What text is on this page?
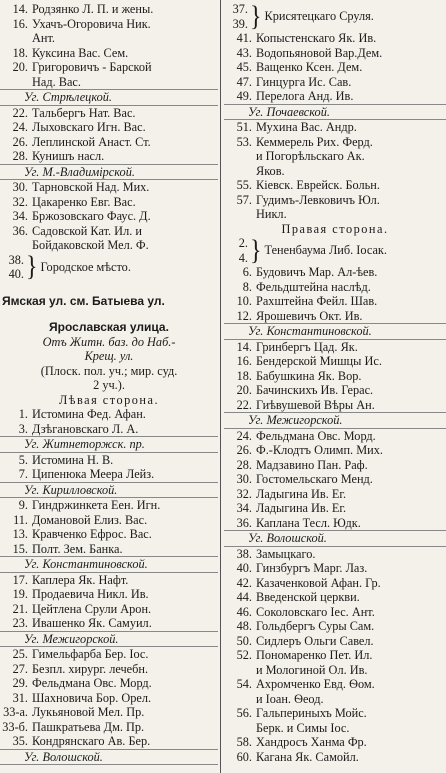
14. Родзянко Л. П. и жены.
16. Ухачъ-Огоровича Ник.
Ант.
18. Куксина Вас. Сем.
20. Григоровичъ - Барской
Над. Вас.
Уг. Стрѣлецкой.
22. Тальбергъ Нат. Вас.
24. Лыховскаго Игн. Вас.
26. Леплинской Анаст. Ст.
28. Кунишъ насл.
Уг. М.-Владимірской.
30. Тарновской Над. Мих.
32. Цакаренко Евг. Вас.
34. Бржозовскаго Фаус. Д.
36. Садовской Кат. Ил. и
Бойдаковской Мел. Ф.
38.
40. } Городское мѣсто.
Ямская ул. см. Батыева ул.
Ярославская улица.
Отъ Житн. баз. до Наб.-
Крещ. ул.
(Плоск. пол. уч.; мир. суд.
2 уч.).
Лѣвая сторона.
1. Истомина Фед. Афан.
3. Дзѣгановскаго Л. А.
Уг. Житнеторжск. пр.
5. Истомина Н. В.
7. Ципенюка Меера Лейз.
Уг. Кирилловской.
9. Гиндржинкета Еен. Игн.
11. Домановой Елиз. Вас.
13. Кравченко Ефрос. Вас.
15. Полт. Зем. Банка.
Уг. Константиновской.
17. Каплера Як. Нафт.
19. Продаевича Никл. Ив.
21. Цейтлена Срули Арон.
23. Ивашенко Як. Самуил.
Уг. Межигорской.
25. Гимельфарба Бер. Іос.
27. Безпл. хирург. лечебн.
29. Фельдмана Овс. Морд.
31. Шахновича Бор. Орел.
33-а. Лукьяновой Мел. Пр.
33-б. Пашкратьева Дм. Пр.
35. Кондрянскаго Ав. Бер.
Уг. Волошской.
37.
39. } Крисятецкаго Сруля.
41. Копыстенскаго Як. Ив.
43. Водопьяновой Вар.Дем.
45. Ващенко Ксен. Дем.
47. Гинцурга Ис. Сав.
49. Перелога Анд. Ив.
Уг. Почаевской.
51. Мухина Вас. Андр.
53. Кеммерель Рих. Ферд.
и Погорѣльскаго Ак.
Яков.
55. Кіевск. Еврейск. Больн.
57. Гудимъ-Левковичъ Юл.
Никл.
Правая сторона.
2.
4. } Тененбаума Либ. Іосак.
6. Будовичъ Мар. Ал-ѣев.
8. Фельдштейна наслѣд.
10. Рахштейна Фейл. Шав.
12. Ярошевичъ Окт. Ив.
Уг. Константиновской.
14. Гринбергъ Цад. Як.
16. Бендерской Мишцы Ис.
18. Бабушкина Як. Вор.
20. Бачинскихъ Ив. Герас.
22. Гиѣвушевой Вѣры Ан.
Уг. Межигорской.
24. Фельдмана Овс. Морд.
26. Ф.-Клодтъ Олимп. Мих.
28. Мадзавино Пан. Раф.
30. Гостомельскаго Менд.
32. Ладыгина Ив. Ег.
34. Ладыгина Ив. Ег.
36. Каплана Тесл. Юдк.
Уг. Волошской.
38. Замыцкаго.
40. Гинзбургъ Марг. Лаз.
42. Казаченковой Афан. Гр.
44. Введенской церкви.
46. Соколовскаго Іес. Ант.
48. Гольдбергъ Суры Сам.
50. Сидлеръ Ольги Савел.
52. Пономаренко Пет. Ил.
и Мологиной Ол. Ив.
54. Ахромченко Евд. Ѳом.
и Іоан. Ѳеод.
56. Гальпериныхъ Мойс.
Берк. и Симы Іос.
58. Хандросъ Ханма Фр.
60. Кагана Як. Самойл.
